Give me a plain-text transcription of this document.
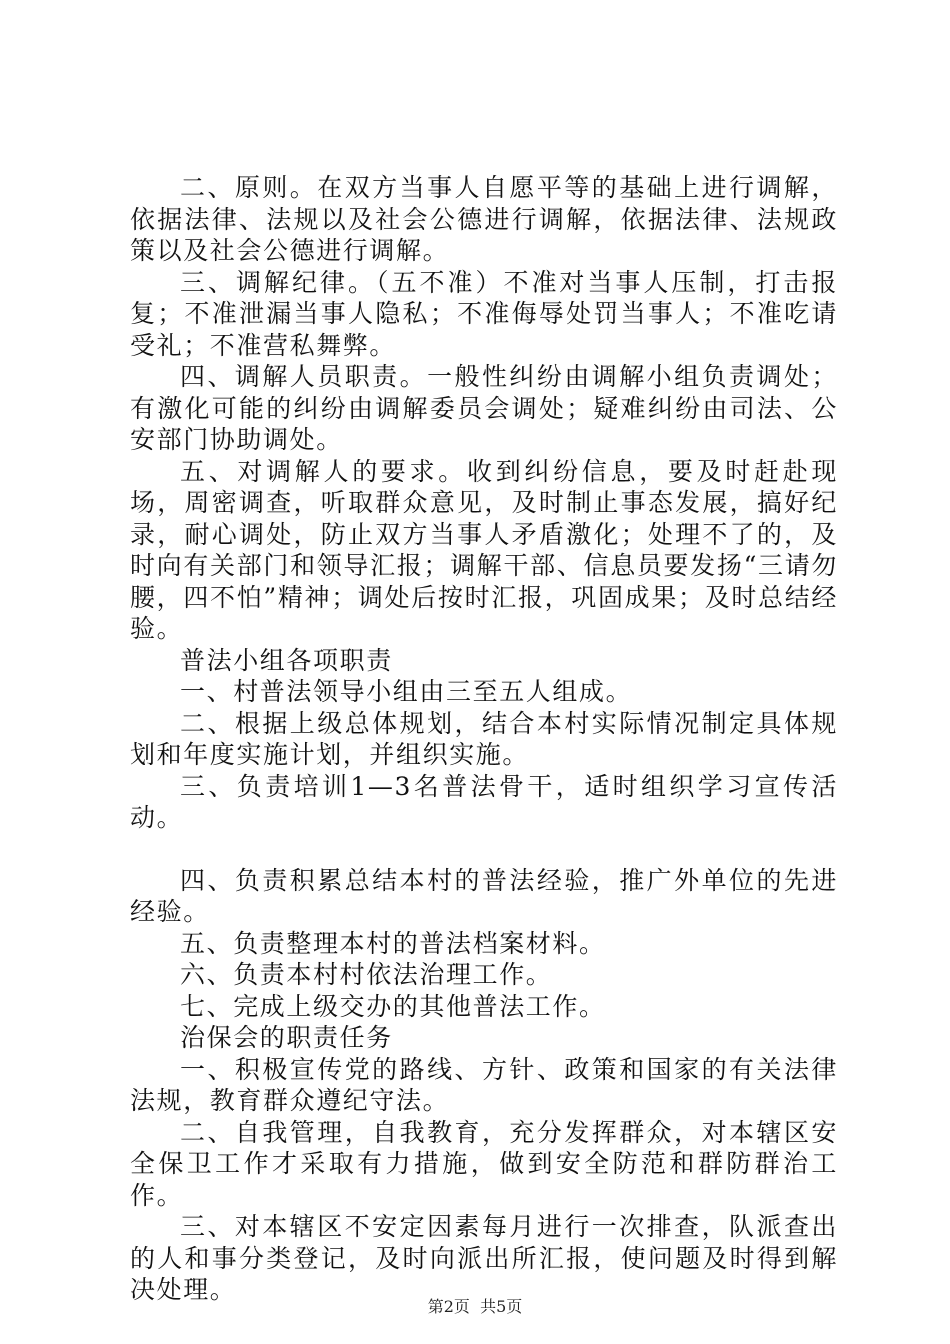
二、原则。在双方当事人自愿平等的基础上进行调解，依据法律、法规以及社会公德进行调解，依据法律、法规政策以及社会公德进行调解。

三、调解纪律。（五不准）不准对当事人压制，打击报复；不准泄漏当事人隐私；不准侮辱处罚当事人；不准吃请受礼；不准营私舞弊。

四、调解人员职责。一般性纠纷由调解小组负责调处；有激化可能的纠纷由调解委员会调处；疑难纠纷由司法、公安部门协助调处。

五、对调解人的要求。收到纠纷信息，要及时赶赴现场，周密调查，听取群众意见，及时制止事态发展，搞好纪录，耐心调处，防止双方当事人矛盾激化；处理不了的，及时向有关部门和领导汇报；调解干部、信息员要发扬“三请勿腰，四不怕”精神；调处后按时汇报，巩固成果；及时总结经验。

普法小组各项职责

一、村普法领导小组由三至五人组成。

二、根据上级总体规划，结合本村实际情况制定具体规划和年度实施计划，并组织实施。

三、负责培训1—3名普法骨干，适时组织学习宣传活动。

四、负责积累总结本村的普法经验，推广外单位的先进经验。

五、负责整理本村的普法档案材料。

六、负责本村村依法治理工作。

七、完成上级交办的其他普法工作。

治保会的职责任务

一、积极宣传党的路线、方针、政策和国家的有关法律法规，教育群众遵纪守法。

二、自我管理，自我教育，充分发挥群众，对本辖区安全保卫工作才采取有力措施，做到安全防范和群防群治工作。

三、对本辖区不安定因素每月进行一次排查，队派查出的人和事分类登记，及时向派出所汇报，使问题及时得到解决处理。

第2页  共5页
